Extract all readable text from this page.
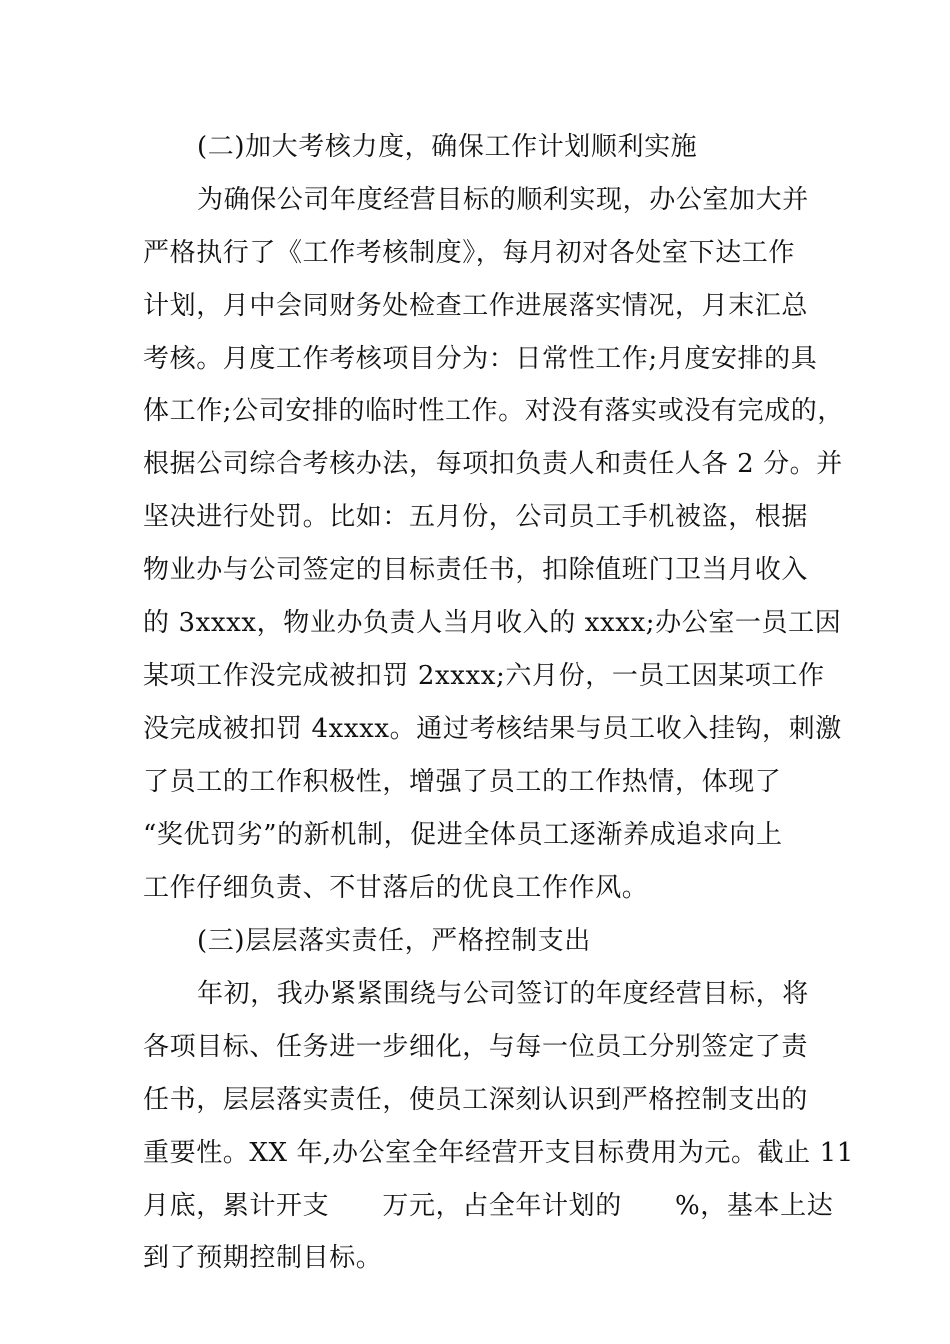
(二)加大考核力度，确保工作计划顺利实施
为确保公司年度经营目标的顺利实现，办公室加大并
严格执行了《工作考核制度》，每月初对各处室下达工作
计划，月中会同财务处检查工作进展落实情况，月末汇总
考核。月度工作考核项目分为：日常性工作;月度安排的具
体工作;公司安排的临时性工作。对没有落实或没有完成的，
根据公司综合考核办法，每项扣负责人和责任人各 2 分。并
坚决进行处罚。比如：五月份，公司员工手机被盗，根据
物业办与公司签定的目标责任书，扣除值班门卫当月收入
的 3xxxx，物业办负责人当月收入的 xxxx;办公室一员工因
某项工作没完成被扣罚 2xxxx;六月份，一员工因某项工作
没完成被扣罚 4xxxx。通过考核结果与员工收入挂钩，刺激
了员工的工作积极性，增强了员工的工作热情，体现了
“奖优罚劣”的新机制，促进全体员工逐渐养成追求向上
工作仔细负责、不甘落后的优良工作作风。
(三)层层落实责任，严格控制支出
年初，我办紧紧围绕与公司签订的年度经营目标，将
各项目标、任务进一步细化，与每一位员工分别签定了责
任书，层层落实责任，使员工深刻认识到严格控制支出的
重要性。XX 年,办公室全年经营开支目标费用为元。截止 11
月底，累计开支　　万元，占全年计划的　　%，基本上达
到了预期控制目标。
